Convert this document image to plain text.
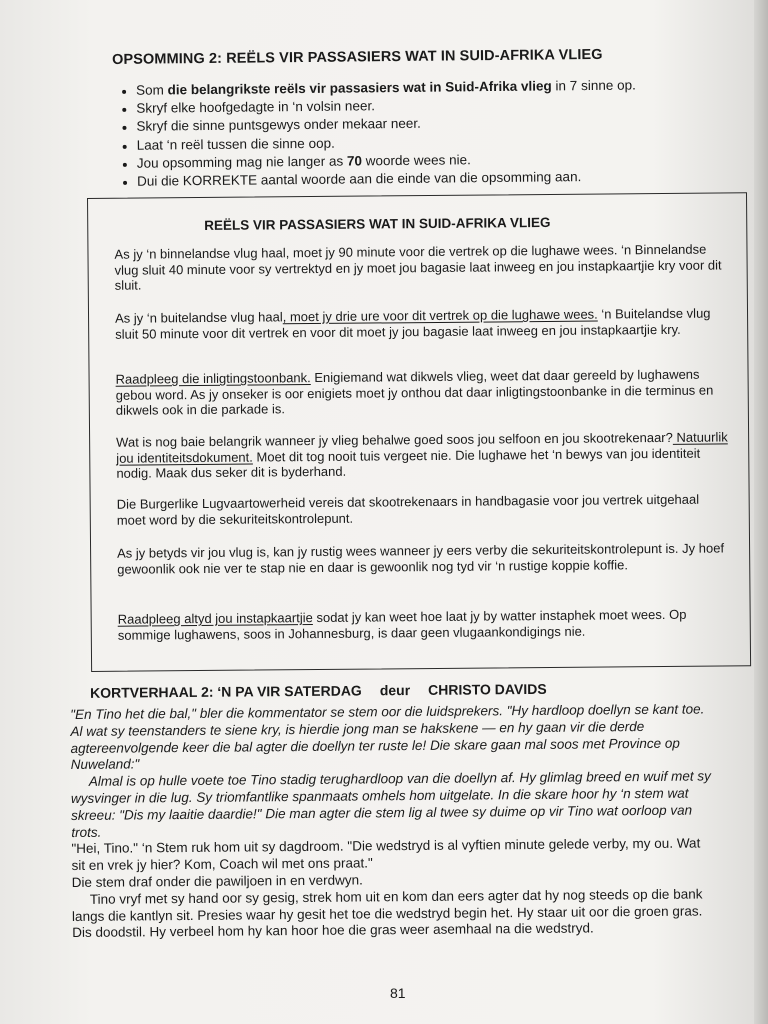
OPSOMMING 2: REËLS VIR PASSASIERS WAT IN SUID-AFRIKA VLIEG
• Som die belangrikste reëls vir passasiers wat in Suid-Afrika vlieg in 7 sinne op.
• Skryf elke hoofgedagte in ‘n volsin neer.
• Skryf die sinne puntsgewys onder mekaar neer.
• Laat ‘n reël tussen die sinne oop.
• Jou opsomming mag nie langer as 70 woorde wees nie.
• Dui die KORREKTE aantal woorde aan die einde van die opsomming aan.
REËLS VIR PASSASIERS WAT IN SUID-AFRIKA VLIEG

As jy ‘n binnelandse vlug haal, moet jy 90 minute voor die vertrek op die lughawe wees. ‘n Binnelandse vlug sluit 40 minute voor sy vertrektyd en jy moet jou bagasie laat inweeg en jou instapkaartjie kry voor dit sluit.

As jy ‘n buitelandse vlug haal, moet jy drie ure voor dit vertrek op die lughawe wees. ‘n Buitelandse vlug sluit 50 minute voor dit vertrek en voor dit moet jy jou bagasie laat inweeg en jou instapkaartjie kry.

Raadpleeg die inligtingstoonbank. Enigiemand wat dikwels vlieg, weet dat daar gereeld by lughawens gebou word. As jy onseker is oor enigiets moet jy onthou dat daar inligtingstoonbanke in die terminus en dikwels ook in die parkade is.

Wat is nog baie belangrik wanneer jy vlieg behalwe goed soos jou selfoon en jou skootrekenaar? Natuurlik jou identiteitsdokument. Moet dit tog nooit tuis vergeet nie. Die lughawe het ‘n bewys van jou identiteit nodig. Maak dus seker dit is byderhand.

Die Burgerlike Lugvaartowerheid vereis dat skootrekenaars in handbagasie voor jou vertrek uitgehaal moet word by die sekuriteitskontrolepunt.

As jy betyds vir jou vlug is, kan jy rustig wees wanneer jy eers verby die sekuriteitskontrolepunt is. Jy hoef gewoonlik ook nie ver te stap nie en daar is gewoonlik nog tyd vir ‘n rustige koppie koffie.

Raadpleeg altyd jou instapkaartjie sodat jy kan weet hoe laat jy by watter instaphek moet wees. Op sommige lughawens, soos in Johannesburg, is daar geen vlugaankondigings nie.

KORTVERHAAL 2: ‘N PA VIR SATERDAG deur CHRISTO DAVIDS

"En Tino het die bal," bler die kommentator se stem oor die luidsprekers. "Hy hardloop doellyn se kant toe. Al wat sy teenstanders te siene kry, is hierdie jong man se hakskene — en hy gaan vir die derde agtereenvolgende keer die bal agter die doellyn ter ruste le! Die skare gaan mal soos met Province op Nuweland:"

Almal is op hulle voete toe Tino stadig terughardloop van die doellyn af. Hy glimlag breed en wuif met sy wysvinger in die lug. Sy triomfantlike spanmaats omhels hom uitgelate. In die skare hoor hy ‘n stem wat skreeu: "Dis my laaitie daardie!" Die man agter die stem lig al twee sy duime op vir Tino wat oorloop van trots.

"Hei, Tino." ‘n Stem ruk hom uit sy dagdroom. "Die wedstryd is al vyftien minute gelede verby, my ou. Wat sit en vrek jy hier? Kom, Coach wil met ons praat."

Die stem draf onder die pawiljoen in en verdwyn.

Tino vryf met sy hand oor sy gesig, strek hom uit en kom dan eers agter dat hy nog steeds op die bank langs die kantlyn sit. Presies waar hy gesit het toe die wedstryd begin het. Hy staar uit oor die groen gras. Dis doodstil. Hy verbeel hom hy kan hoor hoe die gras weer asemhaal na die wedstryd.

81
